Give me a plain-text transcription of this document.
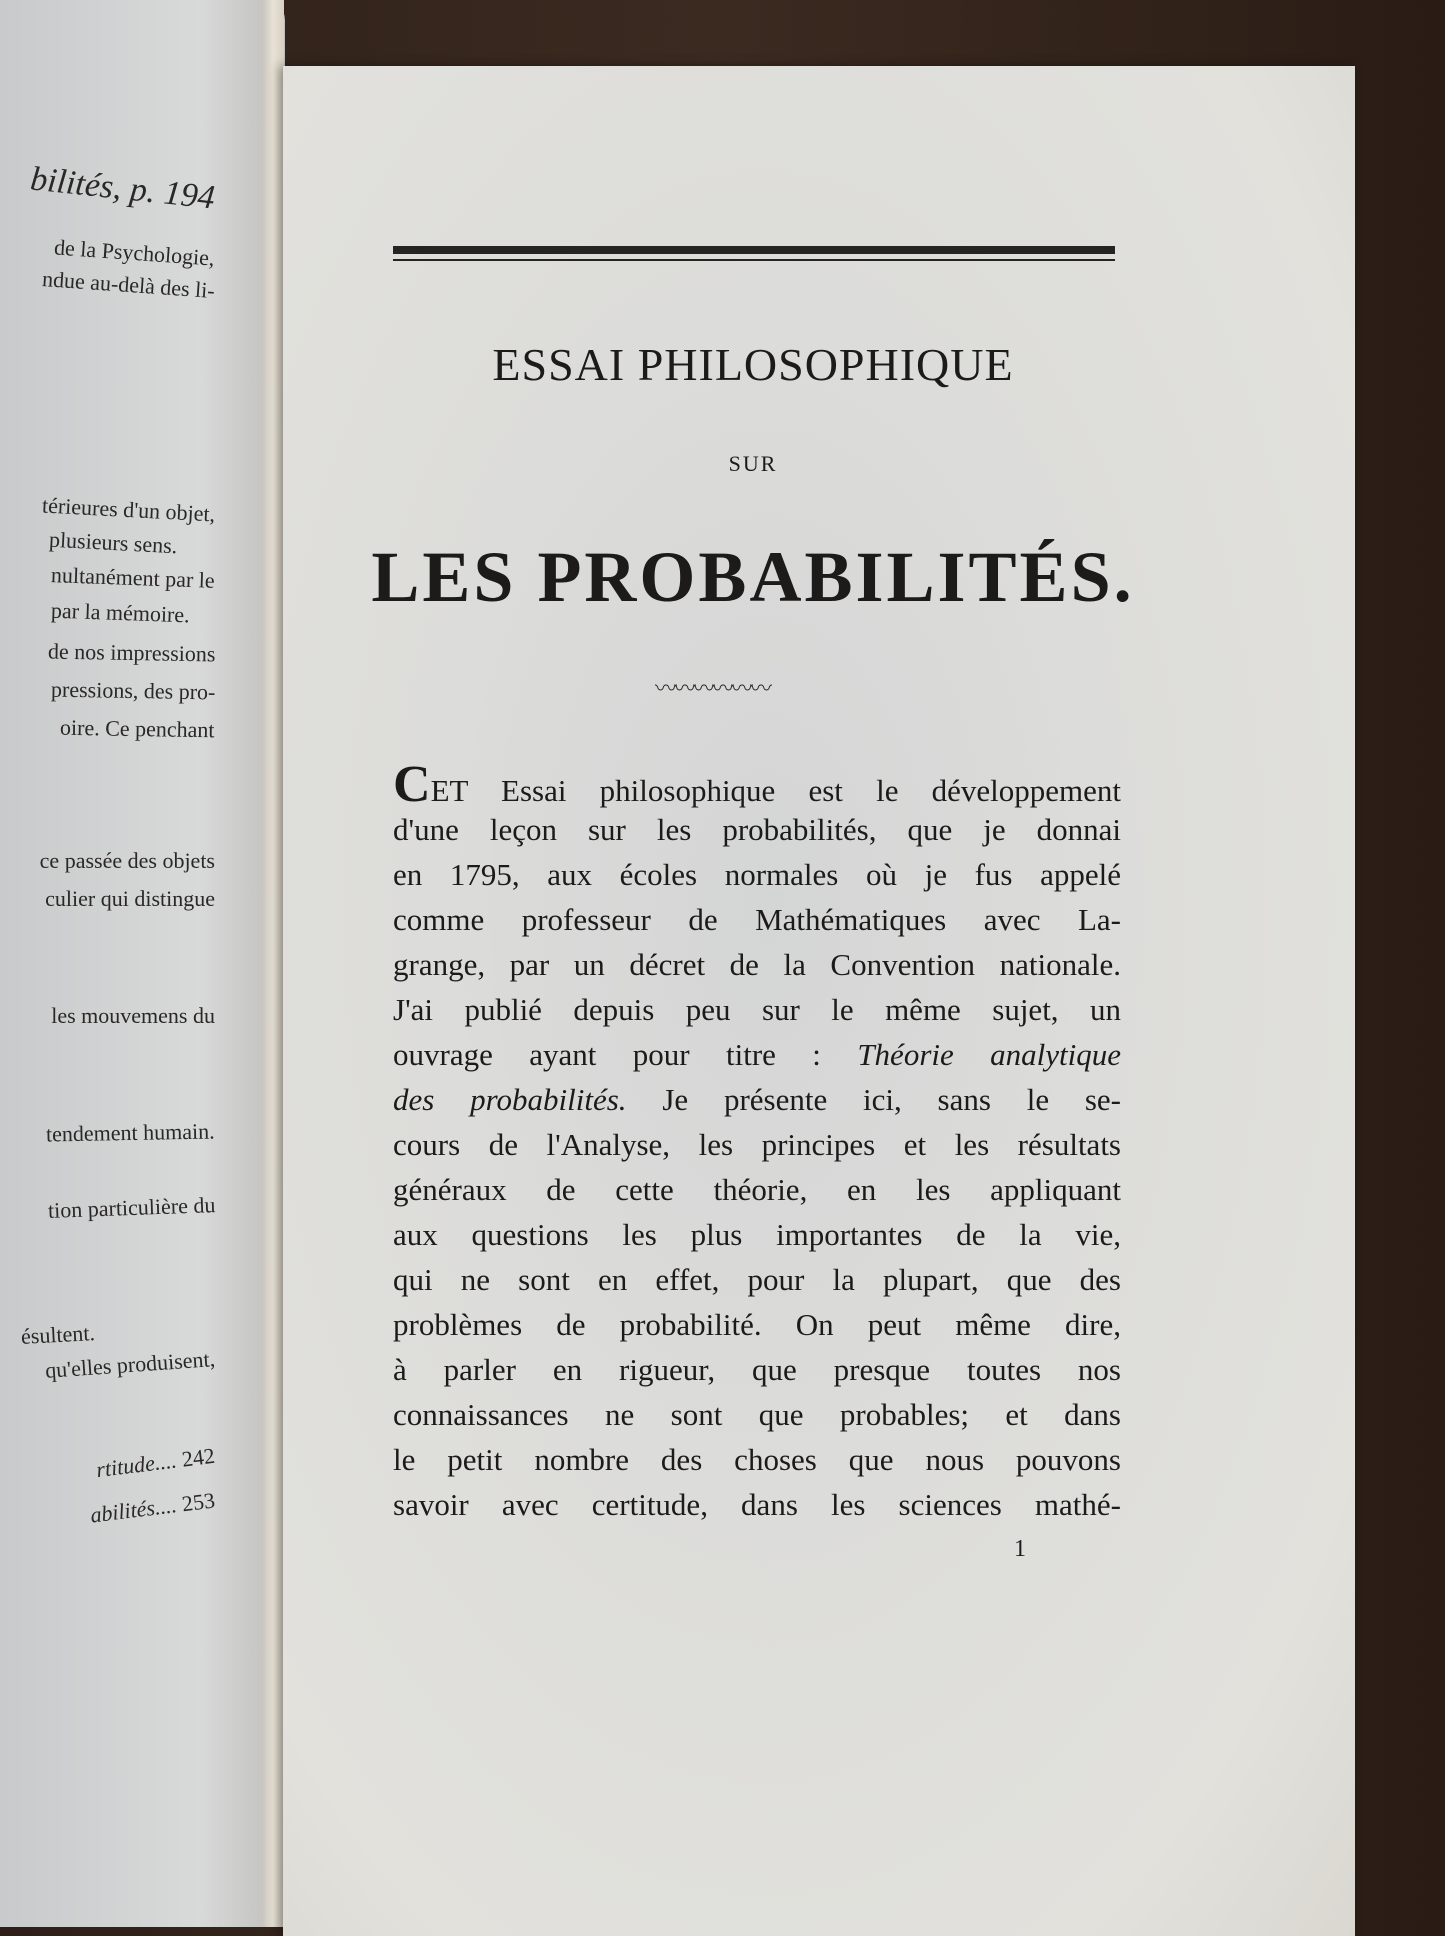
bilités, p. 194
de la Psychologie,
ndue au-delà des li-
térieures d'un objet,
plusieurs sens.
nultanément par le
par la mémoire.
de nos impressions
pressions, des pro-
oire. Ce penchant
ce passée des objets
culier qui distingue
les mouvemens du
tendement humain.
tion particulière du
ésultent.
qu'elles produisent,
rtitude.... 242
abilités.... 253
ESSAI PHILOSOPHIQUE
SUR
LES PROBABILITÉS.
〰〰〰〰〰〰
CET Essai philosophique est le développement
d'une leçon sur les probabilités, que je donnai
en 1795, aux écoles normales où je fus appelé
comme professeur de Mathématiques avec La-
grange, par un décret de la Convention nationale.
J'ai publié depuis peu sur le même sujet, un
ouvrage ayant pour titre : Théorie analytique
des probabilités. Je présente ici, sans le se-
cours de l'Analyse, les principes et les résultats
généraux de cette théorie, en les appliquant
aux questions les plus importantes de la vie,
qui ne sont en effet, pour la plupart, que des
problèmes de probabilité. On peut même dire,
à parler en rigueur, que presque toutes nos
connaissances ne sont que probables; et dans
le petit nombre des choses que nous pouvons
savoir avec certitude, dans les sciences mathé-
1
